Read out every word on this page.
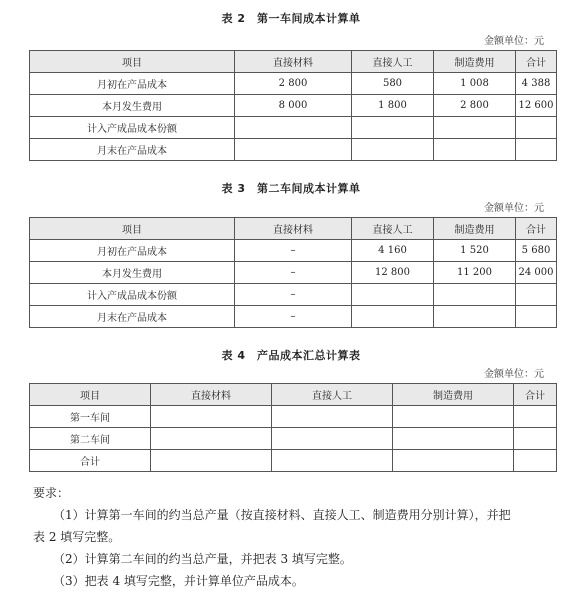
表 2　第一车间成本计算单
金额单位：元
项目	直接材料	直接人工	制造费用	合计
月初在产品成本	2 800	580	1 008	4 388
本月发生费用	8 000	1 800	2 800	12 600
计入产成品成本份额				
月末在产品成本				
表 3　第二车间成本计算单
金额单位：元
项目	直接材料	直接人工	制造费用	合计
月初在产品成本	–	4 160	1 520	5 680
本月发生费用	–	12 800	11 200	24 000
计入产成品成本份额	–			
月末在产品成本	–			
表 4　产品成本汇总计算表
金额单位：元
项目	直接材料	直接人工	制造费用	合计
第一车间				
第二车间				
合计				

要求：

（1）计算第一车间的约当总产量（按直接材料、直接人工、制造费用分别计算），并把

表 2 填写完整。

（2）计算第二车间的约当总产量，并把表 3 填写完整。

（3）把表 4 填写完整，并计算单位产品成本。
